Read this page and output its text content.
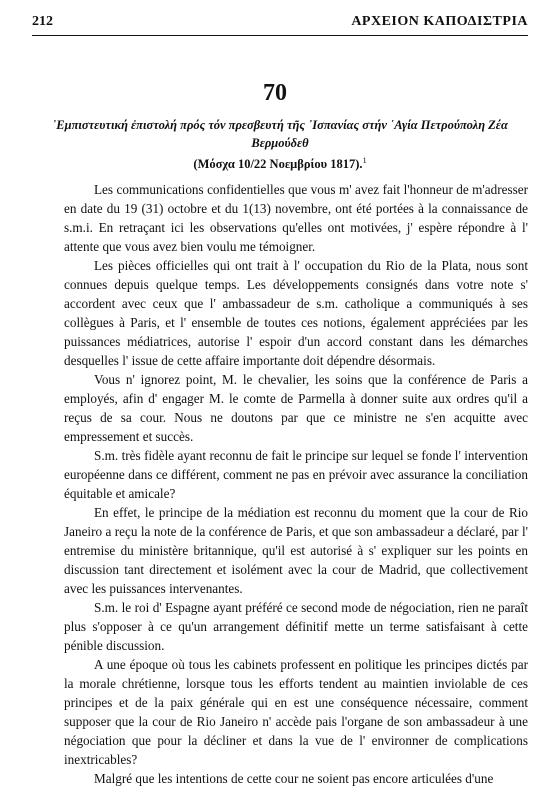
212	ΑΡΧΕΙΟΝ ΚΑΠΟΔΙΣΤΡΙΑ
70
᾿Εμπιστευτική ἐπιστολή πρός τόν πρεσβευτή τῆς ᾿Ισπανίας στήν ῾Αγία Πετρούπολη Ζέα Βερμούδεθ
(Μόσχα 10/22 Νοεμβρίου 1817).$^1$

Les communications confidentielles que vous m' avez fait l'honneur de m'adresser en date du 19 (31) octobre et du 1(13) novembre, ont été portées à la connaissance de s.m.i. En retraçant ici les observations qu'elles ont motivées, j' espère répondre à l' attente que vous avez bien voulu me témoigner.

Les pièces officielles qui ont trait à l' occupation du Rio de la Plata, nous sont connues depuis quelque temps. Les développements consignés dans votre note s' accordent avec ceux que l' ambassadeur de s.m. catholique a communiqués à ses collègues à Paris, et l' ensemble de toutes ces notions, également appréciées par les puissances médiatrices, autorise l' espoir d'un accord constant dans les démarches desquelles l' issue de cette affaire importante doit dépendre désormais.

Vous n' ignorez point, M. le chevalier, les soins que la conférence de Paris a employés, afin d' engager M. le comte de Parmella à donner suite aux ordres qu'il a reçus de sa cour. Nous ne doutons par que ce ministre ne s'en acquitte avec empressement et succès.

S.m. très fidèle ayant reconnu de fait le principe sur lequel se fonde l' intervention européenne dans ce différent, comment ne pas en prévoir avec assurance la conciliation équitable et amicale?

En effet, le principe de la médiation est reconnu du moment que la cour de Rio Janeiro a reçu la note de la conférence de Paris, et que son ambassadeur a déclaré, par l' entremise du ministère britannique, qu'il est autorisé à s' expliquer sur les points en discussion tant directement et isolément avec la cour de Madrid, que collectivement avec les puissances intervenantes.

S.m. le roi d' Espagne ayant préféré ce second mode de négociation, rien ne paraît plus s'opposer à ce qu'un arrangement définitif mette un terme satisfaisant à cette pénible discussion.

A une époque où tous les cabinets professent en politique les principes dictés par la morale chrétienne, lorsque tous les efforts tendent au maintien inviolable de ces principes et de la paix générale qui en est une conséquence nécessaire, comment supposer que la cour de Rio Janeiro n' accède pais l'organe de son ambassadeur à une négociation que pour la décliner et dans la vue de l' environner de complications inextricables?

Malgré que les intentions de cette cour ne soient pas encore articulées d'une
